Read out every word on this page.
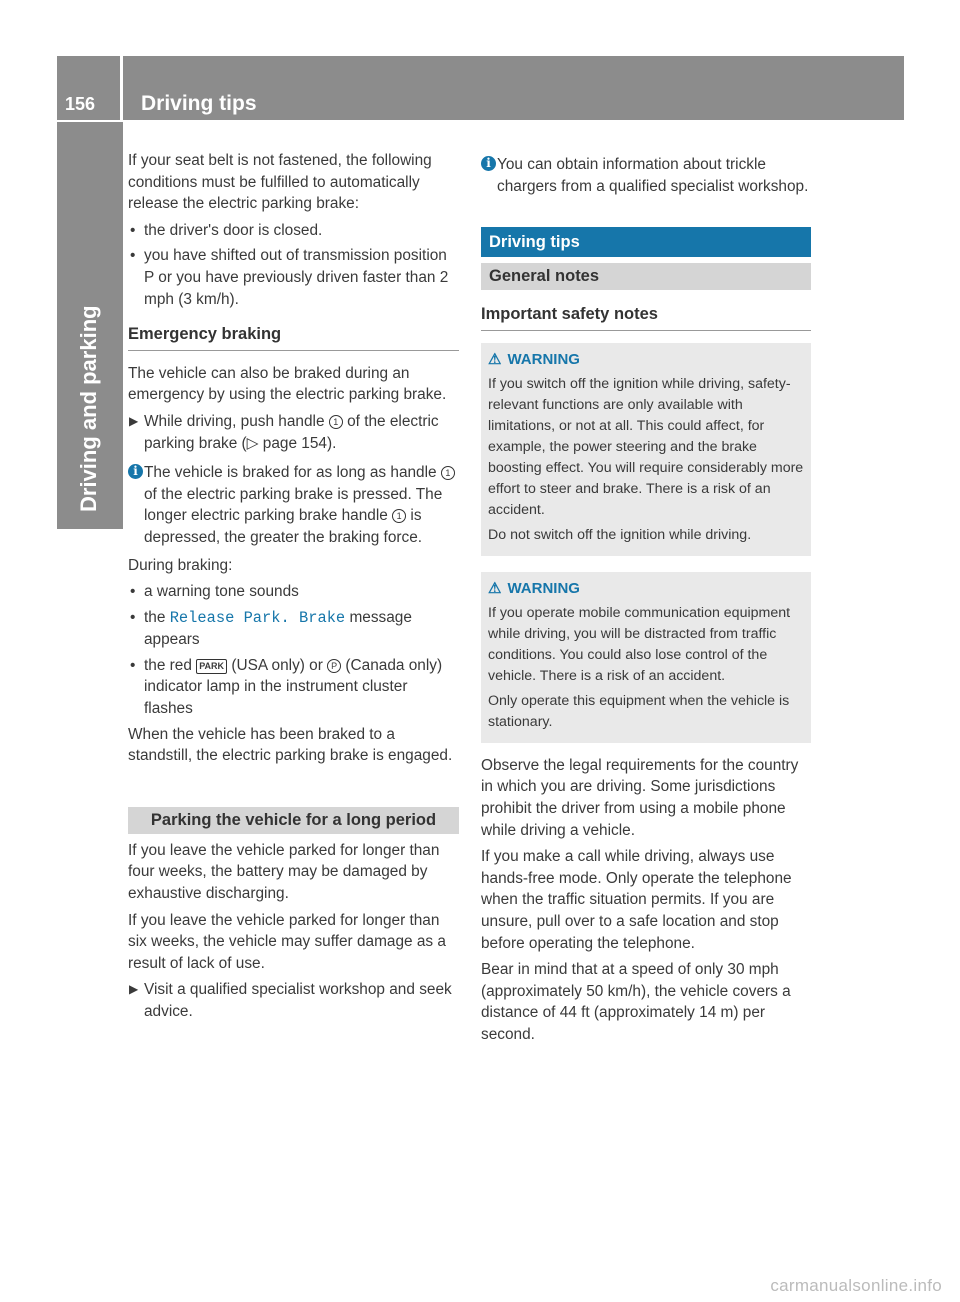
156	Driving tips
Driving and parking

If your seat belt is not fastened, the following conditions must be fulfilled to automatically release the electric parking brake:

• the driver's door is closed.
• you have shifted out of transmission position P or you have previously driven faster than 2 mph (3 km/h).
Emergency braking

The vehicle can also be braked during an emergency by using the electric parking brake.

▶ While driving, push handle 1 of the electric parking brake (▷ page 154).
i The vehicle is braked for as long as handle 1 of the electric parking brake is pressed. The longer electric parking brake handle 1 is depressed, the greater the braking force.

During braking:

• a warning tone sounds
• the Release Park. Brake message appears
• the red PARK (USA only) or P (Canada only) indicator lamp in the instrument cluster flashes

When the vehicle has been braked to a standstill, the electric parking brake is engaged.

Parking the vehicle for a long period

If you leave the vehicle parked for longer than four weeks, the battery may be damaged by exhaustive discharging.

If you leave the vehicle parked for longer than six weeks, the vehicle may suffer damage as a result of lack of use.

▶ Visit a qualified specialist workshop and seek advice.
i You can obtain information about trickle chargers from a qualified specialist workshop.
Driving tips
General notes
Important safety notes
⚠ WARNING

If you switch off the ignition while driving, safety-relevant functions are only available with limitations, or not at all. This could affect, for example, the power steering and the brake boosting effect. You will require considerably more effort to steer and brake. There is a risk of an accident.

Do not switch off the ignition while driving.

⚠ WARNING

If you operate mobile communication equipment while driving, you will be distracted from traffic conditions. You could also lose control of the vehicle. There is a risk of an accident.

Only operate this equipment when the vehicle is stationary.

Observe the legal requirements for the country in which you are driving. Some jurisdictions prohibit the driver from using a mobile phone while driving a vehicle.

If you make a call while driving, always use hands-free mode. Only operate the telephone when the traffic situation permits. If you are unsure, pull over to a safe location and stop before operating the telephone.

Bear in mind that at a speed of only 30 mph (approximately 50 km/h), the vehicle covers a distance of 44 ft (approximately 14 m) per second.

carmanualsonline.info
